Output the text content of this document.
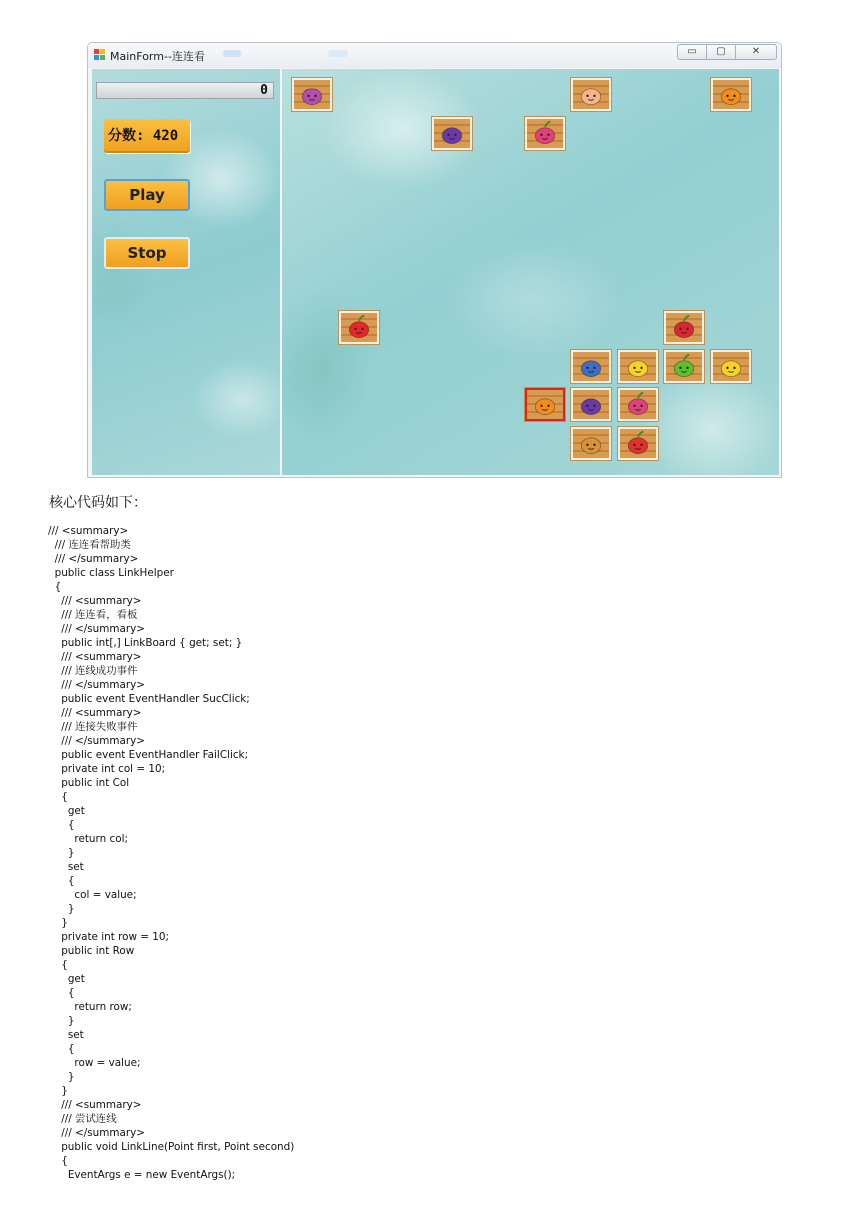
MainForm--连连看	▭	▢	✕
0
分数: 420
Play
Stop
核心代码如下：
/// <summary>
/// 连连看帮助类
/// </summary>
public class LinkHelper
{
/// <summary>
/// 连连看，看板
/// </summary>
public int[,] LinkBoard { get; set; }
/// <summary>
/// 连线成功事件
/// </summary>
public event EventHandler SucClick;
/// <summary>
/// 连接失败事件
/// </summary>
public event EventHandler FailClick;
private int col = 10;
public int Col
{
get
{
return col;
}
set
{
col = value;
}
}
private int row = 10;
public int Row
{
get
{
return row;
}
set
{
row = value;
}
}
/// <summary>
/// 尝试连线
/// </summary>
public void LinkLine(Point first, Point second)
{
EventArgs e = new EventArgs();
